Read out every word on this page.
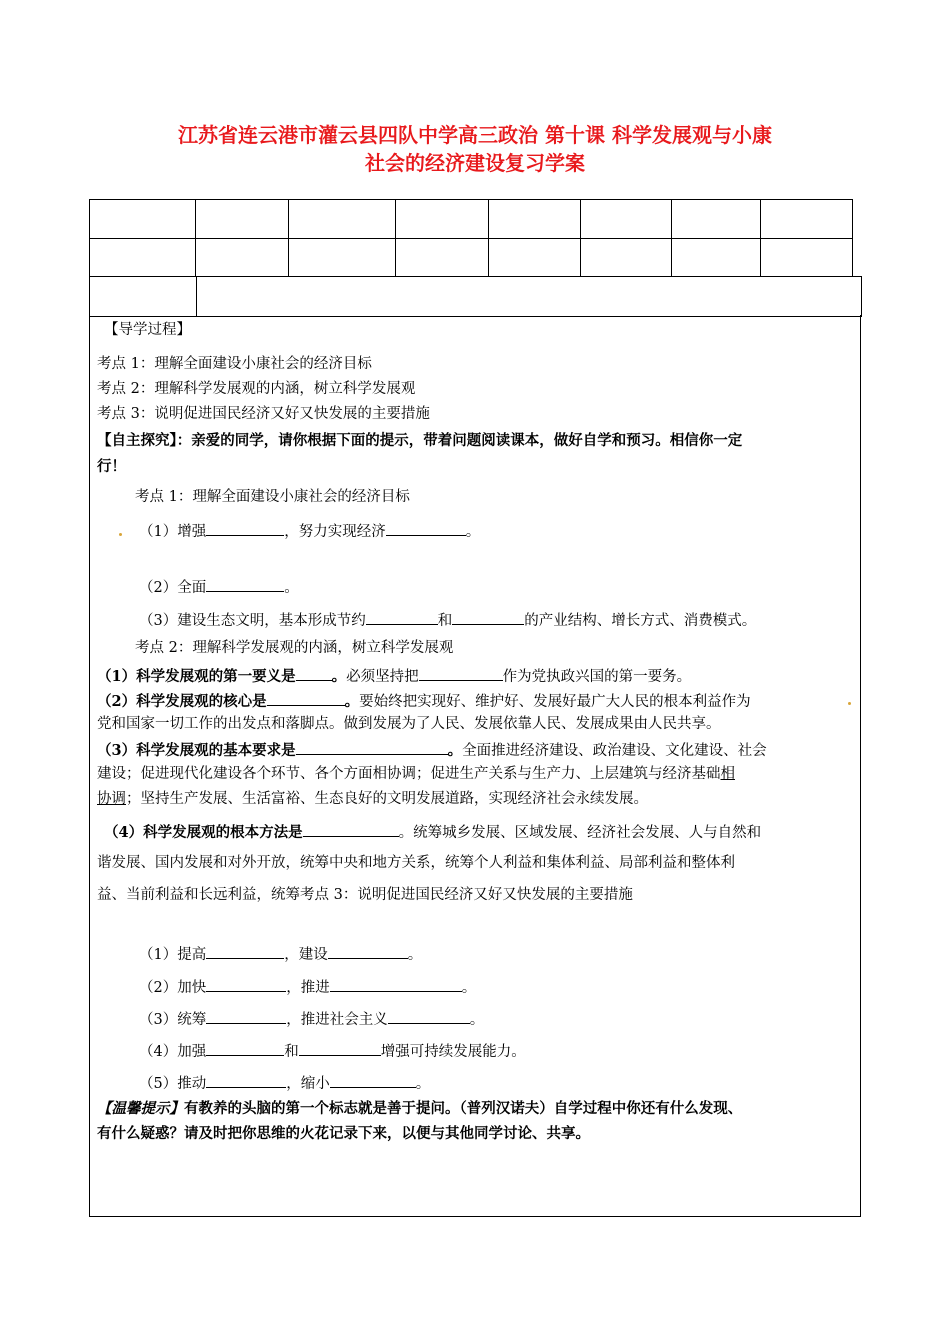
江苏省连云港市灌云县四队中学高三政治 第十课 科学发展观与小康
社会的经济建设复习学案

【导学过程】
考点 1：理解全面建设小康社会的经济目标
考点 2：理解科学发展观的内涵，树立科学发展观
考点 3：说明促进国民经济又好又快发展的主要措施
【自主探究】：亲爱的同学，请你根据下面的提示，带着问题阅读课本，做好自学和预习。相信你一定
行！
考点 1：理解全面建设小康社会的经济目标
（1）增强	，努力实现经济	。
（2）全面	。
（3）建设生态文明，基本形成节约	和	的产业结构、增长方式、消费模式。
考点 2：理解科学发展观的内涵，树立科学发展观
（1）科学发展观的第一要义是 。必须坚持把	作为党执政兴国的第一要务。
（2）科学发展观的核心是	。要始终把实现好、维护好、发展好最广大人民的根本利益作为
党和国家一切工作的出发点和落脚点。做到发展为了人民、发展依靠人民、发展成果由人民共享。
（3）科学发展观的基本要求是	。全面推进经济建设、政治建设、文化建设、社会
建设；促进现代化建设各个环节、各个方面相协调；促进生产关系与生产力、上层建筑与经济基础相
协调；坚持生产发展、生活富裕、生态良好的文明发展道路，实现经济社会永续发展。
（4）科学发展观的根本方法是	。统筹城乡发展、区域发展、经济社会发展、人与自然和
谐发展、国内发展和对外开放，统筹中央和地方关系，统筹个人利益和集体利益、局部利益和整体利
益、当前利益和长远利益，统筹考点 3：说明促进国民经济又好又快发展的主要措施
（1）提高	，建设	。
（2）加快	，推进	。
（3）统筹	，推进社会主义	。
（4）加强	和	增强可持续发展能力。
（5）推动	，缩小	。
【温馨提示】有教养的头脑的第一个标志就是善于提问。（普列汉诺夫）自学过程中你还有什么发现、
有什么疑惑？请及时把你思维的火花记录下来，以便与其他同学讨论、共享。
